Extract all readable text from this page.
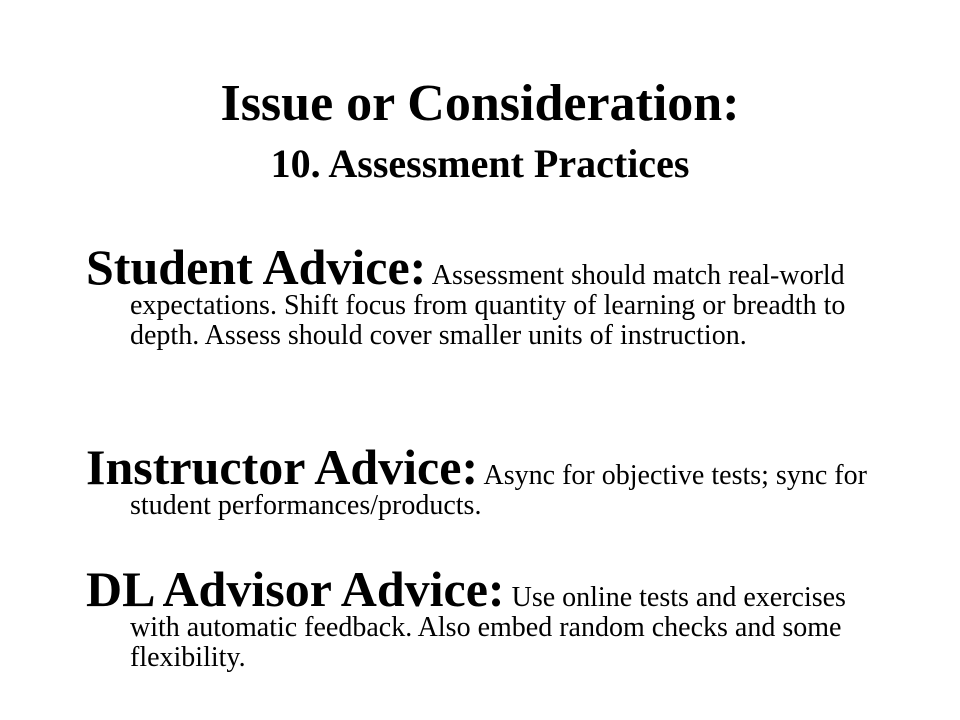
Issue or Consideration:
10. Assessment Practices

Student Advice: Assessment should match real-world expectations. Shift focus from quantity of learning or breadth to depth. Assess should cover smaller units of instruction.

Instructor Advice: Async for objective tests; sync for student performances/products.

DL Advisor Advice: Use online tests and exercises with automatic feedback. Also embed random checks and some flexibility.
